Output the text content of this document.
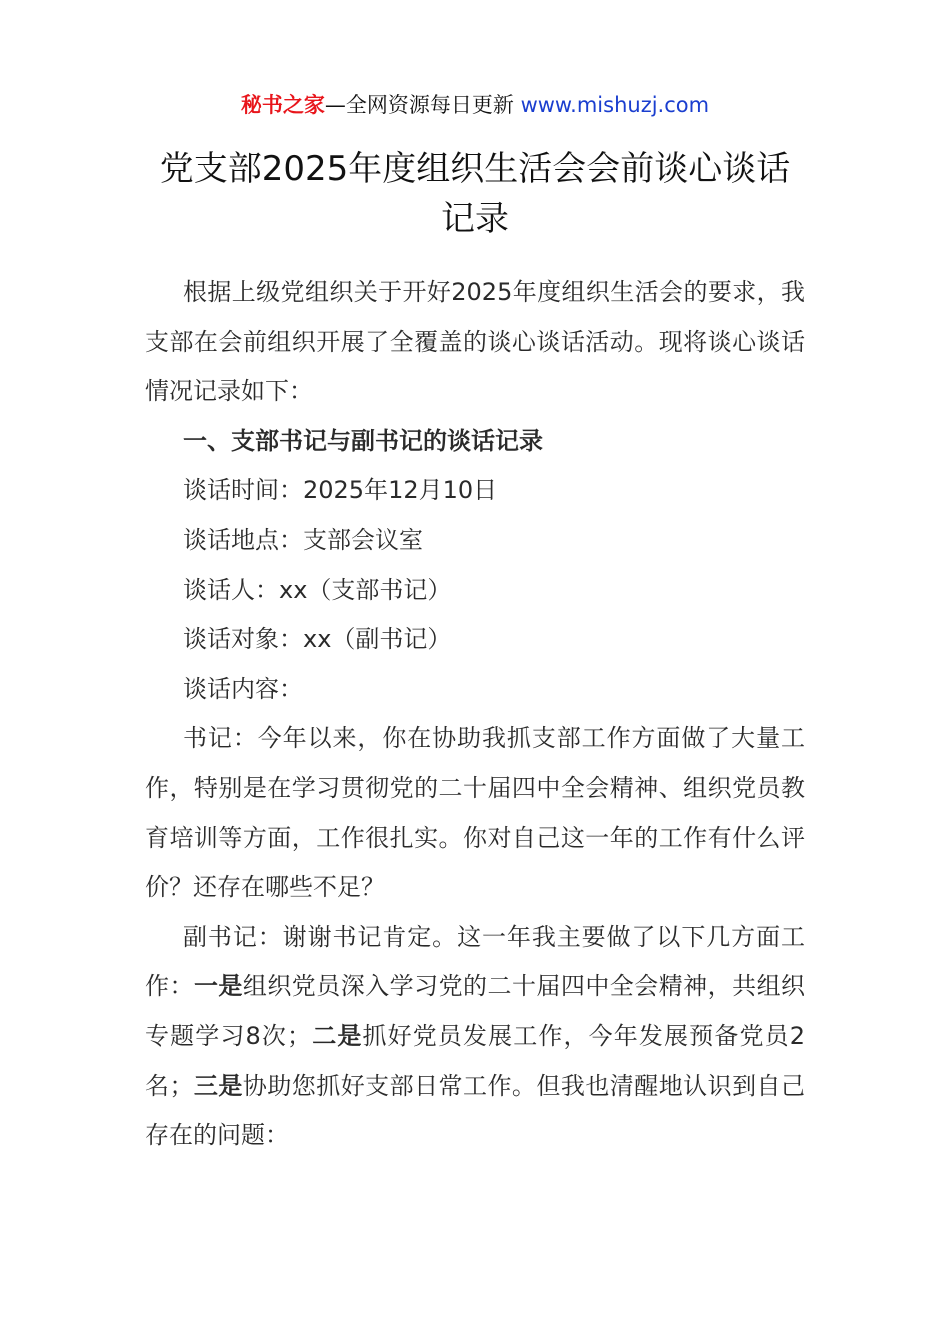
秘书之家—全网资源每日更新 www.mishuzj.com
党支部2025年度组织生活会会前谈心谈话记录

根据上级党组织关于开好2025年度组织生活会的要求，我支部在会前组织开展了全覆盖的谈心谈话活动。现将谈心谈话情况记录如下：

一、支部书记与副书记的谈话记录

谈话时间：2025年12月10日

谈话地点：支部会议室

谈话人：xx（支部书记）

谈话对象：xx（副书记）

谈话内容：

书记：今年以来，你在协助我抓支部工作方面做了大量工作，特别是在学习贯彻党的二十届四中全会精神、组织党员教育培训等方面，工作很扎实。你对自己这一年的工作有什么评价？还存在哪些不足？

副书记：谢谢书记肯定。这一年我主要做了以下几方面工作：一是组织党员深入学习党的二十届四中全会精神，共组织专题学习8次；二是抓好党员发展工作，今年发展预备党员2名；三是协助您抓好支部日常工作。但我也清醒地认识到自己存在的问题：
